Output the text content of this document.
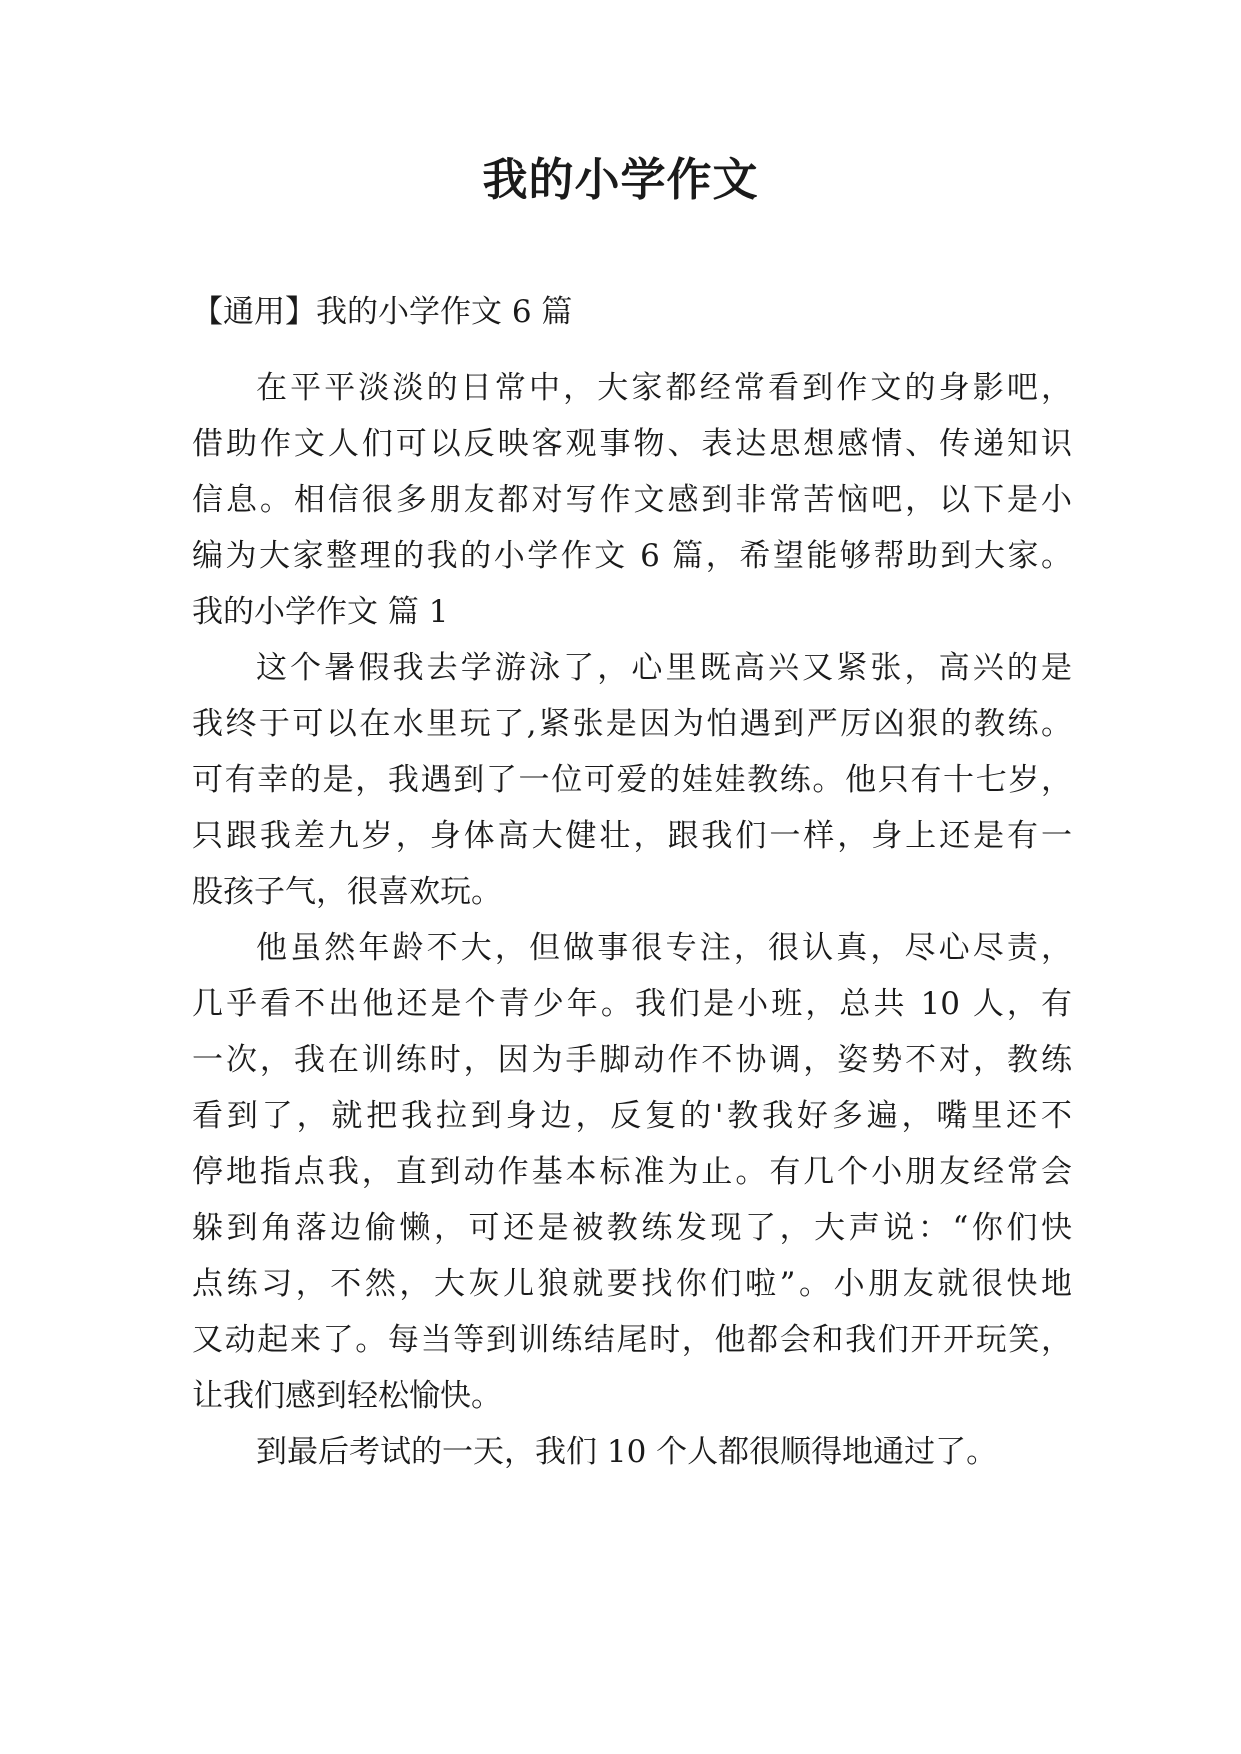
我的小学作文
【通用】我的小学作文 6 篇
在平平淡淡的日常中，大家都经常看到作文的身影吧，
借助作文人们可以反映客观事物、表达思想感情、传递知识
信息。相信很多朋友都对写作文感到非常苦恼吧，以下是小
编为大家整理的我的小学作文 6 篇，希望能够帮助到大家。
我的小学作文 篇 1
这个暑假我去学游泳了，心里既高兴又紧张，高兴的是
我终于可以在水里玩了,紧张是因为怕遇到严厉凶狠的教练。
可有幸的是，我遇到了一位可爱的娃娃教练。他只有十七岁，
只跟我差九岁，身体高大健壮，跟我们一样，身上还是有一
股孩子气，很喜欢玩。
他虽然年龄不大，但做事很专注，很认真，尽心尽责，
几乎看不出他还是个青少年。我们是小班，总共 10 人，有
一次，我在训练时，因为手脚动作不协调，姿势不对，教练
看到了，就把我拉到身边，反复的'教我好多遍，嘴里还不
停地指点我，直到动作基本标准为止。有几个小朋友经常会
躲到角落边偷懒，可还是被教练发现了，大声说：“你们快
点练习，不然，大灰儿狼就要找你们啦”。小朋友就很快地
又动起来了。每当等到训练结尾时，他都会和我们开开玩笑，
让我们感到轻松愉快。
到最后考试的一天，我们 10 个人都很顺得地通过了。
